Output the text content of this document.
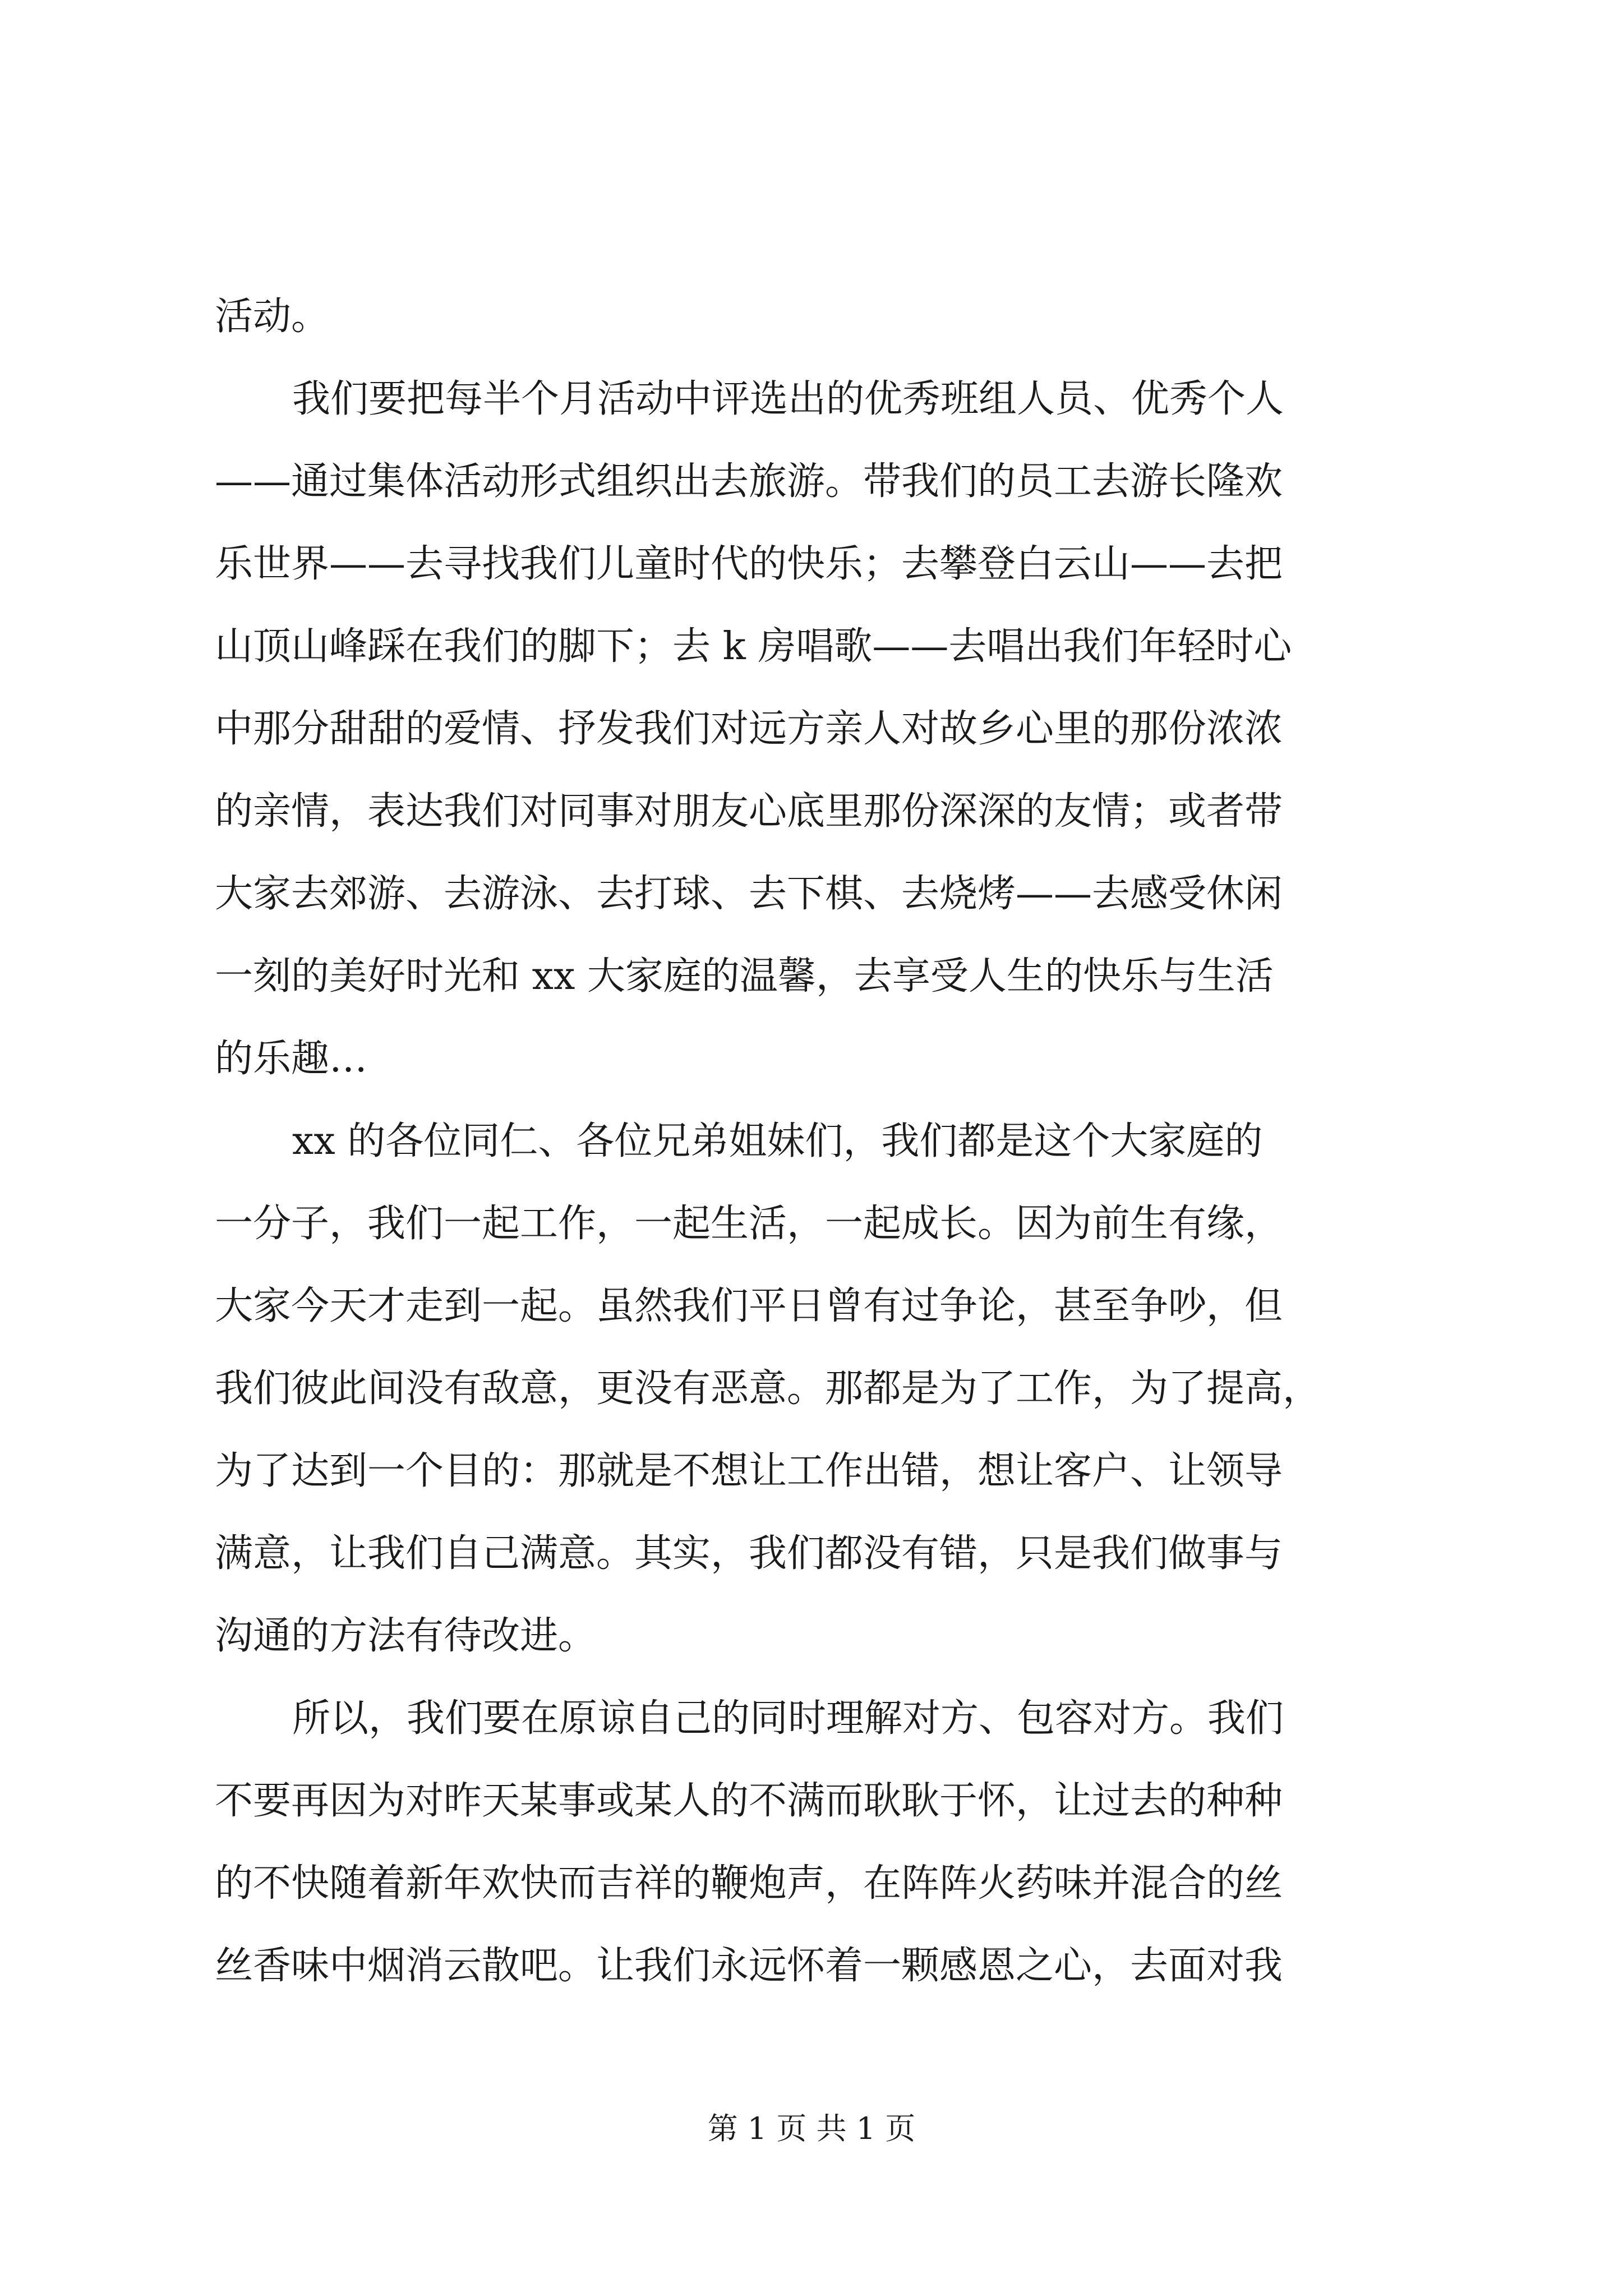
活动。
我们要把每半个月活动中评选出的优秀班组人员、优秀个人
——通过集体活动形式组织出去旅游。带我们的员工去游长隆欢
乐世界——去寻找我们儿童时代的快乐；去攀登白云山——去把
山顶山峰踩在我们的脚下；去 k 房唱歌——去唱出我们年轻时心
中那分甜甜的爱情、抒发我们对远方亲人对故乡心里的那份浓浓
的亲情，表达我们对同事对朋友心底里那份深深的友情；或者带
大家去郊游、去游泳、去打球、去下棋、去烧烤——去感受休闲
一刻的美好时光和 xx 大家庭的温馨，去享受人生的快乐与生活
的乐趣…
xx 的各位同仁、各位兄弟姐妹们，我们都是这个大家庭的
一分子，我们一起工作，一起生活，一起成长。因为前生有缘，
大家今天才走到一起。虽然我们平日曾有过争论，甚至争吵，但
我们彼此间没有敌意，更没有恶意。那都是为了工作，为了提高，
为了达到一个目的：那就是不想让工作出错，想让客户、让领导
满意，让我们自己满意。其实，我们都没有错，只是我们做事与
沟通的方法有待改进。
所以，我们要在原谅自己的同时理解对方、包容对方。我们
不要再因为对昨天某事或某人的不满而耿耿于怀，让过去的种种
的不快随着新年欢快而吉祥的鞭炮声，在阵阵火药味并混合的丝
丝香味中烟消云散吧。让我们永远怀着一颗感恩之心，去面对我
第 1 页 共 1 页
